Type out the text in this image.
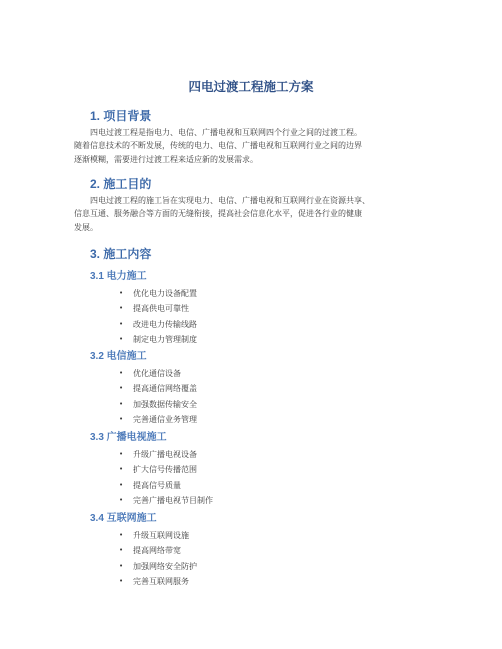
四电过渡工程施工方案
1. 项目背景
四电过渡工程是指电力、电信、广播电视和互联网四个行业之间的过渡工程。
随着信息技术的不断发展，传统的电力、电信、广播电视和互联网行业之间的边界
逐渐模糊，需要进行过渡工程来适应新的发展需求。
2. 施工目的
四电过渡工程的施工旨在实现电力、电信、广播电视和互联网行业在资源共享、
信息互通、服务融合等方面的无缝衔接，提高社会信息化水平，促进各行业的健康
发展。
3. 施工内容
3.1 电力施工
• 优化电力设备配置
• 提高供电可靠性
• 改进电力传输线路
• 制定电力管理制度
3.2 电信施工
• 优化通信设备
• 提高通信网络覆盖
• 加强数据传输安全
• 完善通信业务管理
3.3 广播电视施工
• 升级广播电视设备
• 扩大信号传播范围
• 提高信号质量
• 完善广播电视节目制作
3.4 互联网施工
• 升级互联网设施
• 提高网络带宽
• 加强网络安全防护
• 完善互联网服务
